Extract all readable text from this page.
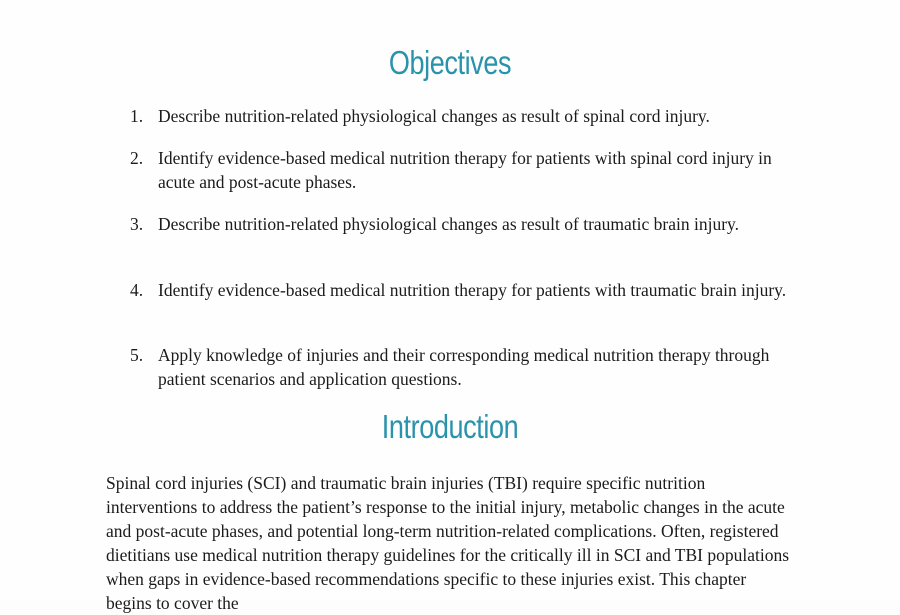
Objectives
1. Describe nutrition-related physiological changes as result of spinal cord injury.
2. Identify evidence-based medical nutrition therapy for patients with spinal cord injury in acute and post-acute phases.
3. Describe nutrition-related physiological changes as result of traumatic brain injury.
4. Identify evidence-based medical nutrition therapy for patients with traumatic brain injury.
5. Apply knowledge of injuries and their corresponding medical nutrition therapy through patient scenarios and application questions.
Introduction

Spinal cord injuries (SCI) and traumatic brain injuries (TBI) require specific nutrition interventions to address the patient’s response to the initial injury, metabolic changes in the acute and post-acute phases, and potential long-term nutrition-related complications. Often, registered dietitians use medical nutrition therapy guidelines for the critically ill in SCI and TBI populations when gaps in evidence-based recommendations specific to these injuries exist. This chapter begins to cover the
